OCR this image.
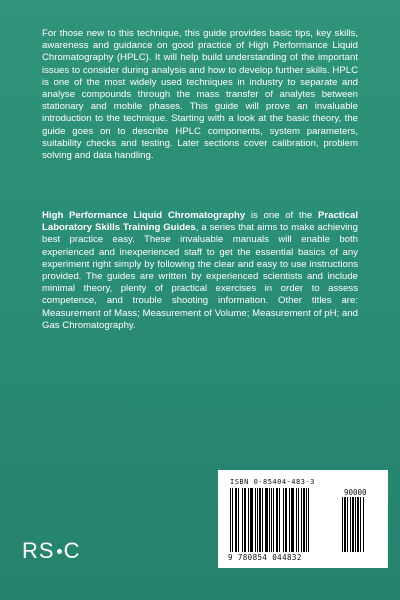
For those new to this technique, this guide provides basic tips, key skills, awareness and guidance on good practice of High Performance Liquid Chromatography (HPLC). It will help build understanding of the important issues to consider during analysis and how to develop further skills. HPLC is one of the most widely used techniques in industry to separate and analyse compounds through the mass transfer of analytes between stationary and mobile phases. This guide will prove an invaluable introduction to the technique. Starting with a look at the basic theory, the guide goes on to describe HPLC components, system parameters, suitability checks and testing. Later sections cover calibration, problem solving and data handling.
High Performance Liquid Chromatography is one of the Practical Laboratory Skills Training Guides, a series that aims to make achieving best practice easy. These invaluable manuals will enable both experienced and inexperienced staff to get the essential basics of any experiment right simply by following the clear and easy to use instructions provided. The guides are written by experienced scientists and include minimal theory, plenty of practical exercises in order to assess competence, and trouble shooting information. Other titles are: Measurement of Mass; Measurement of Volume; Measurement of pH; and Gas Chromatography.
ISBN 0-85404-483-3
90000
9 780854 044832
RS C
